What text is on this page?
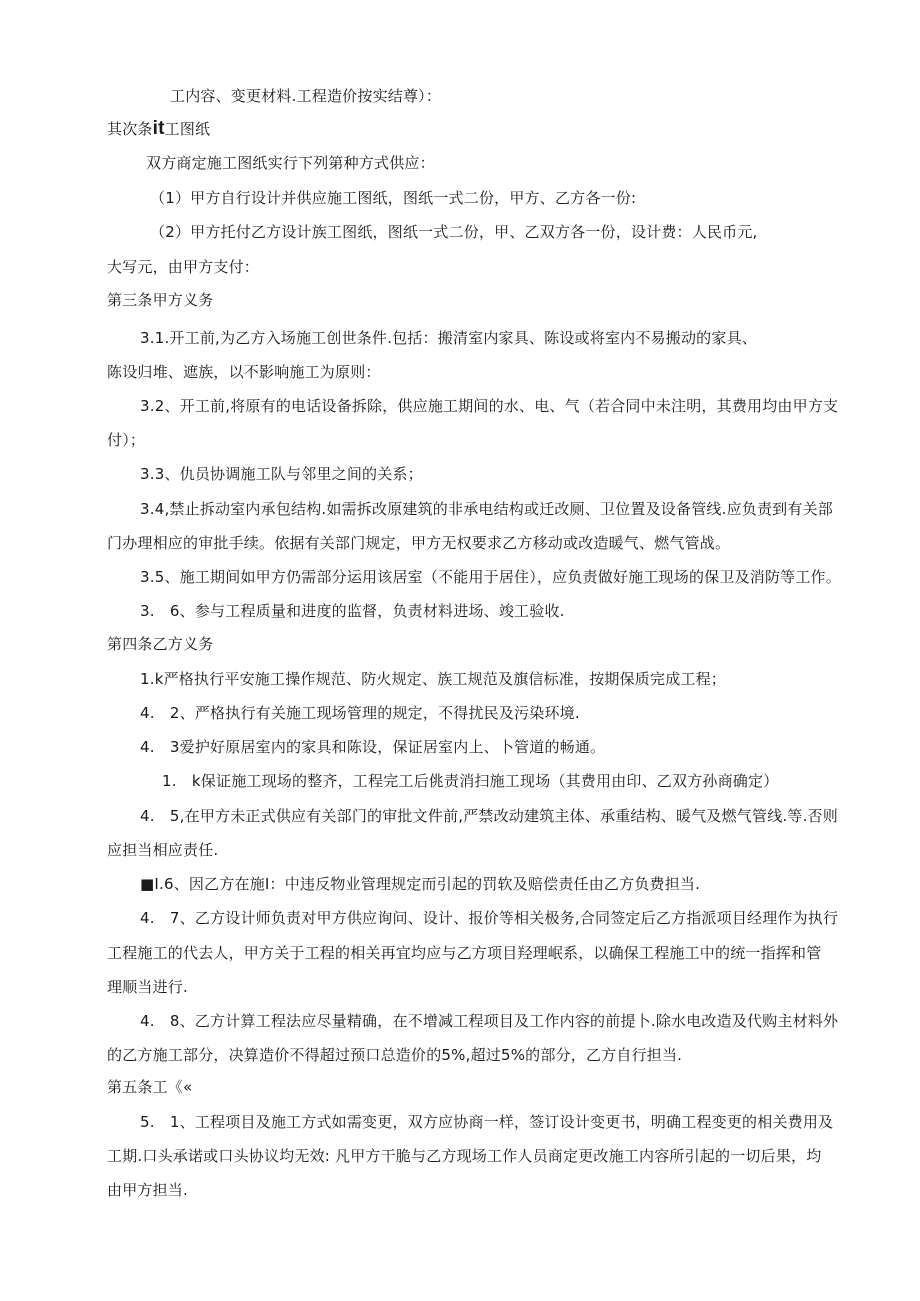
工内容、变更材料.工程造价按实结尊）：
其次条it工图纸
双方商定施工图纸实行下列第种方式供应：
（1）甲方自行设计并供应施工图纸，图纸一式二份，甲方、乙方各一份:
（2）甲方托付乙方设计族工图纸，图纸一式二份，甲、乙双方各一份，设计费：人民币元,
大写元，由甲方支付：
第三条甲方义务
3.1.开工前,为乙方入场施工创世条件.包括：搬清室内家具、陈设或将室内不易搬动的家具、
陈设归堆、遮族，以不影响施工为原则：
3.2、开工前,将原有的电话设备拆除，供应施工期间的水、电、气（若合同中未注明，其费用均由甲方支
付）；
3.3、仇员协调施工队与邻里之间的关系；
3.4,禁止拆动室内承包结构.如需拆改原建筑的非承电结构或迁改厕、卫位置及设备管线.应负责到有关部
门办理相应的审批手续。依据有关部门规定，甲方无权要求乙方移动或改造暖气、燃气管战。
3.5、施工期间如甲方仍需部分运用该居室（不能用于居住），应负责做好施工现场的保卫及消防等工作。
3.　6、参与工程质量和进度的监督，负责材料进场、竣工验收.
第四条乙方义务
1.k严格执行平安施工操作规范、防火规定、族工规范及旗信标准，按期保质完成工程；
4.　2、严格执行有关施工现场管理的规定，不得扰民及污染环境.
4.　3爱护好原居室内的家具和陈设，保证居室内上、卜管道的畅通。
1.　k保证施工现场的整齐，工程完工后佻责消扫施工现场（其费用由印、乙双方孙商确定）
4.　5,在甲方未正式供应有关部门的审批文件前,严禁改动建筑主体、承重结构、暖气及燃气管线.等.否则
应担当相应责任.
■I.6、因乙方在施I：中违反物业管理规定而引起的罚软及赔偿责任由乙方负费担当.
4.　7、乙方设计师负责对甲方供应询问、设计、报价等相关极务,合同签定后乙方指派项目经理作为执行
工程施工的代去人，甲方关于工程的相关再宜均应与乙方项目羟理岷系，以确保工程施工中的统一指挥和管
理顺当进行.
4.　8、乙方计算工程法应尽量精确，在不增减工程项目及工作内容的前提卜.除水电改造及代购主材料外
的乙方施工部分，决算造价不得超过预口总造价的5%,超过5%的部分，乙方自行担当.
第五条工《«
5.　1、工程项目及施工方式如需变更，双方应协商一样，签订设计变更书，明确工程变更的相关费用及
工期.口头承诺或口头协议均无效: 凡甲方干脆与乙方现场工作人员商定更改施工内容所引起的一切后果，均
由甲方担当.
